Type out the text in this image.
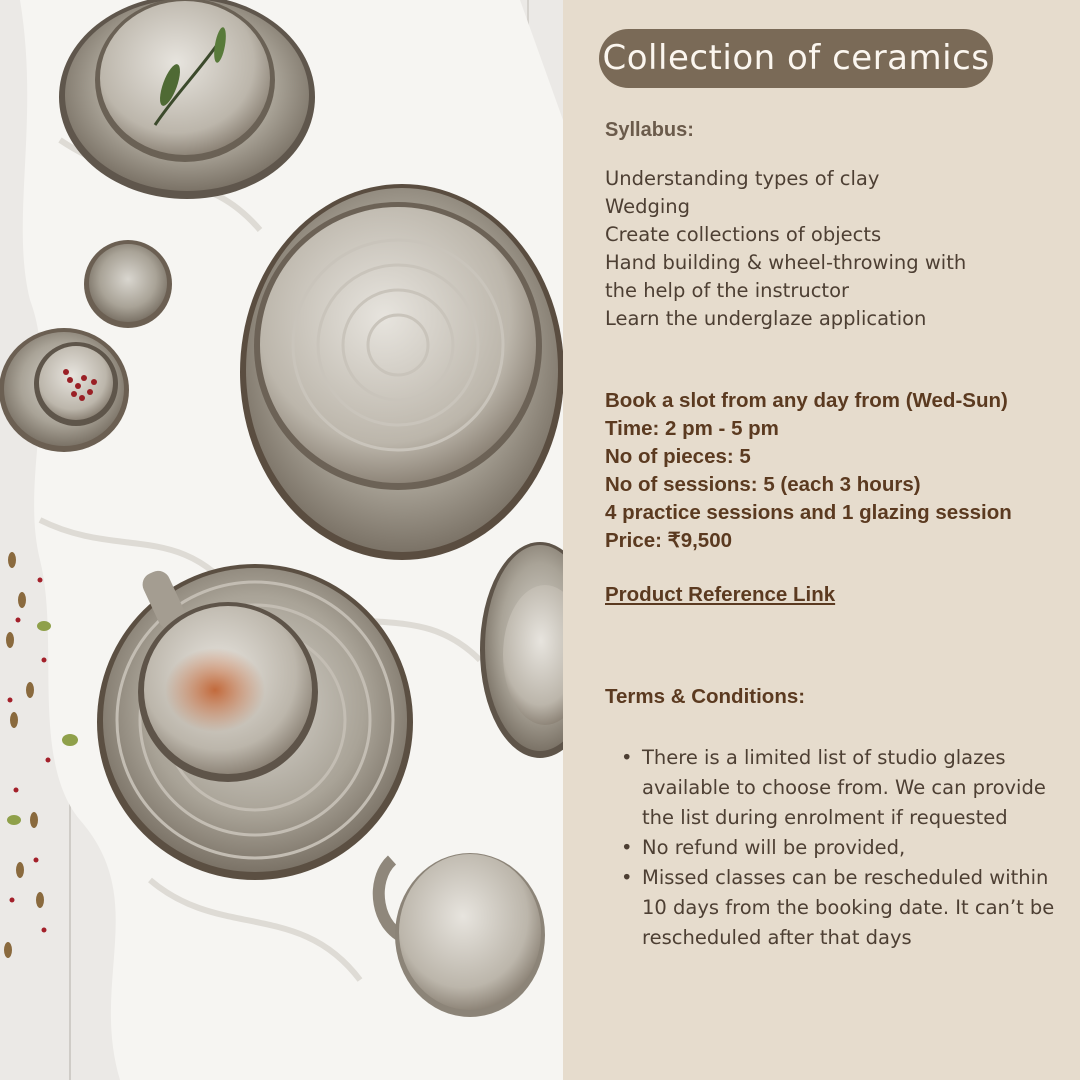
Collection of ceramics
Syllabus:
Understanding types of clay
Wedging
Create collections of objects
Hand building & wheel-throwing with
the help of the instructor
Learn the underglaze application
Book a slot from any day from (Wed-Sun)
Time: 2 pm - 5 pm
No of pieces: 5
No of sessions: 5 (each 3 hours)
4 practice sessions and 1 glazing session
Price: ₹9,500
Product Reference Link
Terms & Conditions:
• There is a limited list of studio glazes available to choose from. We can provide the list during enrolment if requested
• No refund will be provided,
• Missed classes can be rescheduled within 10 days from the booking date. It can’t be rescheduled after that days
